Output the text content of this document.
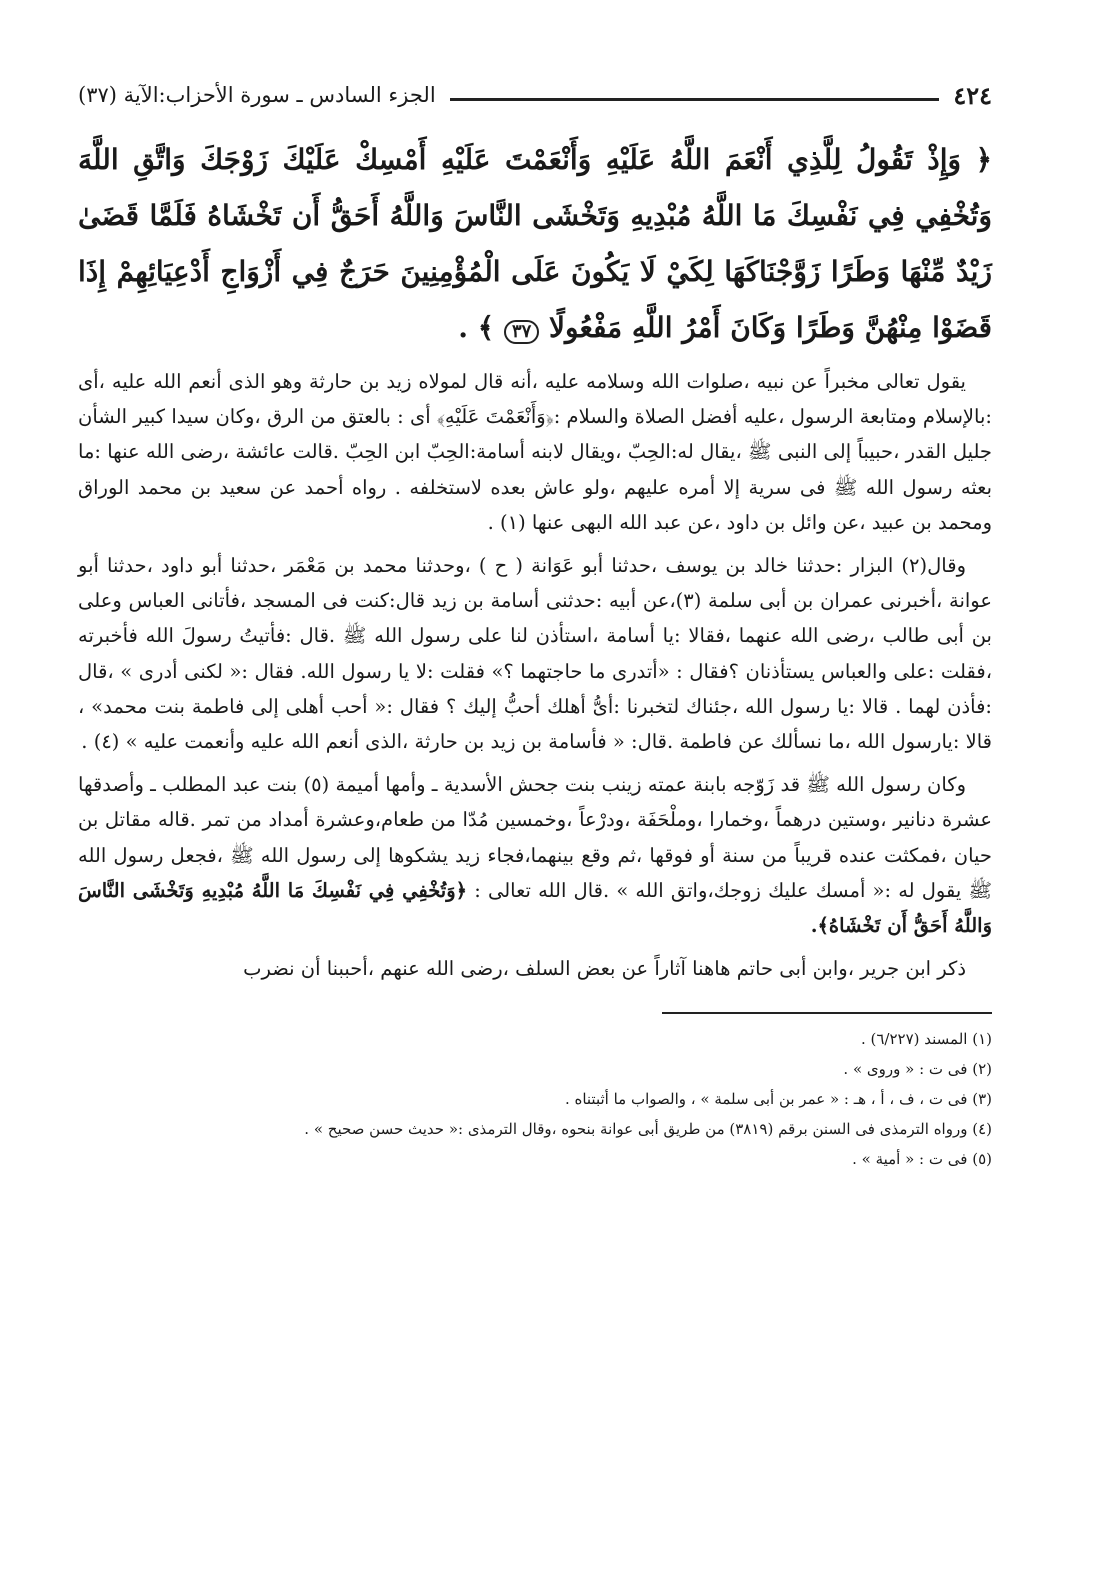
٤٢٤
الجزء السادس ـ سورة الأحزاب:الآية (٣٧)
﴿ وَإِذْ تَقُولُ لِلَّذِي أَنْعَمَ اللَّهُ عَلَيْهِ وَأَنْعَمْتَ عَلَيْهِ أَمْسِكْ عَلَيْكَ زَوْجَكَ وَاتَّقِ اللَّهَ وَتُخْفِي فِي نَفْسِكَ مَا اللَّهُ مُبْدِيهِ وَتَخْشَى النَّاسَ وَاللَّهُ أَحَقُّ أَن تَخْشَاهُ فَلَمَّا قَضَىٰ زَيْدٌ مِّنْهَا وَطَرًا زَوَّجْنَاكَهَا لِكَيْ لَا يَكُونَ عَلَى الْمُؤْمِنِينَ حَرَجٌ فِي أَزْوَاجِ أَدْعِيَائِهِمْ إِذَا قَضَوْا مِنْهُنَّ وَطَرًا وَكَانَ أَمْرُ اللَّهِ مَفْعُولًا ٣٧ ﴾ .

يقول تعالى مخبراً عن نبيه ،صلوات الله وسلامه عليه ،أنه قال لمولاه زيد بن حارثة وهو الذى أنعم الله عليه ،أى :بالإسلام ومتابعة الرسول ،عليه أفضل الصلاة والسلام :﴿وَأَنْعَمْتَ عَلَيْهِ﴾ أى : بالعتق من الرق ،وكان سيدا كبير الشأن جليل القدر ،حبيباً إلى النبى ﷺ ،يقال له:الحِبّ ،ويقال لابنه أسامة:الحِبّ ابن الحِبّ .قالت عائشة ،رضى الله عنها :ما بعثه رسول الله ﷺ فى سرية إلا أمره عليهم ،ولو عاش بعده لاستخلفه . رواه أحمد عن سعيد بن محمد الوراق ومحمد بن عبيد ،عن وائل بن داود ،عن عبد الله البهى عنها (١) .

وقال(٢) البزار :حدثنا خالد بن يوسف ،حدثنا أبو عَوَانة ( ح ) ،وحدثنا محمد بن مَعْمَر ،حدثنا أبو داود ،حدثنا أبو عوانة ،أخبرنى عمران بن أبى سلمة (٣)،عن أبيه :حدثنى أسامة بن زيد قال:كنت فى المسجد ،فأتانى العباس وعلى بن أبى طالب ،رضى الله عنهما ،فقالا :يا أسامة ،استأذن لنا على رسول الله ﷺ .قال :فأتيتُ رسولَ الله فأخبرته ،فقلت :على والعباس يستأذنان ؟فقال : «أتدرى ما حاجتهما ؟» فقلت :لا يا رسول الله. فقال :« لكنى أدرى » ،قال :فأذن لهما . قالا :يا رسول الله ،جئناك لتخبرنا :أىُّ أهلك أحبُّ إليك ؟ فقال :« أحب أهلى إلى فاطمة بنت محمد» ، قالا :يارسول الله ،ما نسألك عن فاطمة .قال: « فأسامة بن زيد بن حارثة ،الذى أنعم الله عليه وأنعمت عليه » (٤) .

وكان رسول الله ﷺ قد زَوّجه بابنة عمته زينب بنت جحش الأسدية ـ وأمها أميمة (٥) بنت عبد المطلب ـ وأصدقها عشرة دنانير ،وستين درهماً ،وخمارا ،وملْحَفَة ،ودرْعاً ،وخمسين مُدّا من طعام،وعشرة أمداد من تمر .قاله مقاتل بن حيان ،فمكثت عنده قريباً من سنة أو فوقها ،ثم وقع بينهما،فجاء زيد يشكوها إلى رسول الله ﷺ ،فجعل رسول الله ﷺ يقول له :« أمسك عليك زوجك،واتق الله » .قال الله تعالى : ﴿وَتُخْفِي فِي نَفْسِكَ مَا اللَّهُ مُبْدِيهِ وَتَخْشَى النَّاسَ وَاللَّهُ أَحَقُّ أَن تَخْشَاهُ﴾.

ذكر ابن جرير ،وابن أبى حاتم هاهنا آثاراً عن بعض السلف ،رضى الله عنهم ،أحببنا أن نضرب

(١) المسند (٦/٢٢٧) .

(٢) فى ت : « وروى » .

(٣) فى ت ، ف ، أ ، هـ : « عمر بن أبى سلمة » ، والصواب ما أثبتناه .

(٤) ورواه الترمذى فى السنن برقم (٣٨١٩) من طريق أبى عوانة بنحوه ،وقال الترمذى :« حديث حسن صحيح » .

(٥) فى ت : « أمية » .
